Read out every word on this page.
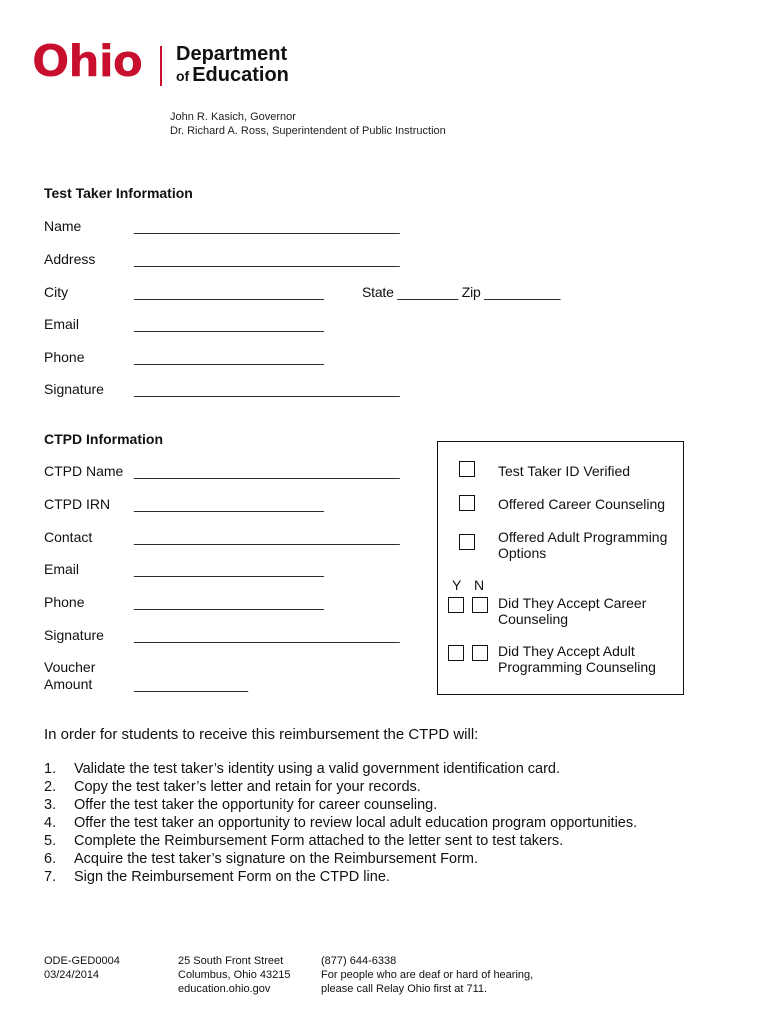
Ohio Department
of Education
John R. Kasich, Governor
Dr. Richard A. Ross, Superintendent of Public Instruction
Test Taker Information
Name	___________________________________
Address	___________________________________
City	_________________________	State ________ Zip __________
Email	_________________________
Phone	_________________________
Signature ___________________________________
CTPD Information
CTPD Name ___________________________________
CTPD IRN _________________________
Contact	___________________________________
Email	_________________________
Phone	_________________________
Signature ___________________________________
Voucher
Amount	_______________
Test Taker ID Verified
Offered Career Counseling
Offered Adult Programming Options
Y N
Did They Accept Career Counseling
Did They Accept Adult Programming Counseling
In order for students to receive this reimbursement the CTPD will:
1.	Validate the test taker’s identity using a valid government identification card.
2.	Copy the test taker’s letter and retain for your records.
3.	Offer the test taker the opportunity for career counseling.
4.	Offer the test taker an opportunity to review local adult education program opportunities.
5.	Complete the Reimbursement Form attached to the letter sent to test takers.
6.	Acquire the test taker’s signature on the Reimbursement Form.
7.	Sign the Reimbursement Form on the CTPD line.
ODE-GED0004
03/24/2014
25 South Front Street
Columbus, Ohio 43215
education.ohio.gov
(877) 644-6338
For people who are deaf or hard of hearing,
please call Relay Ohio first at 711.
